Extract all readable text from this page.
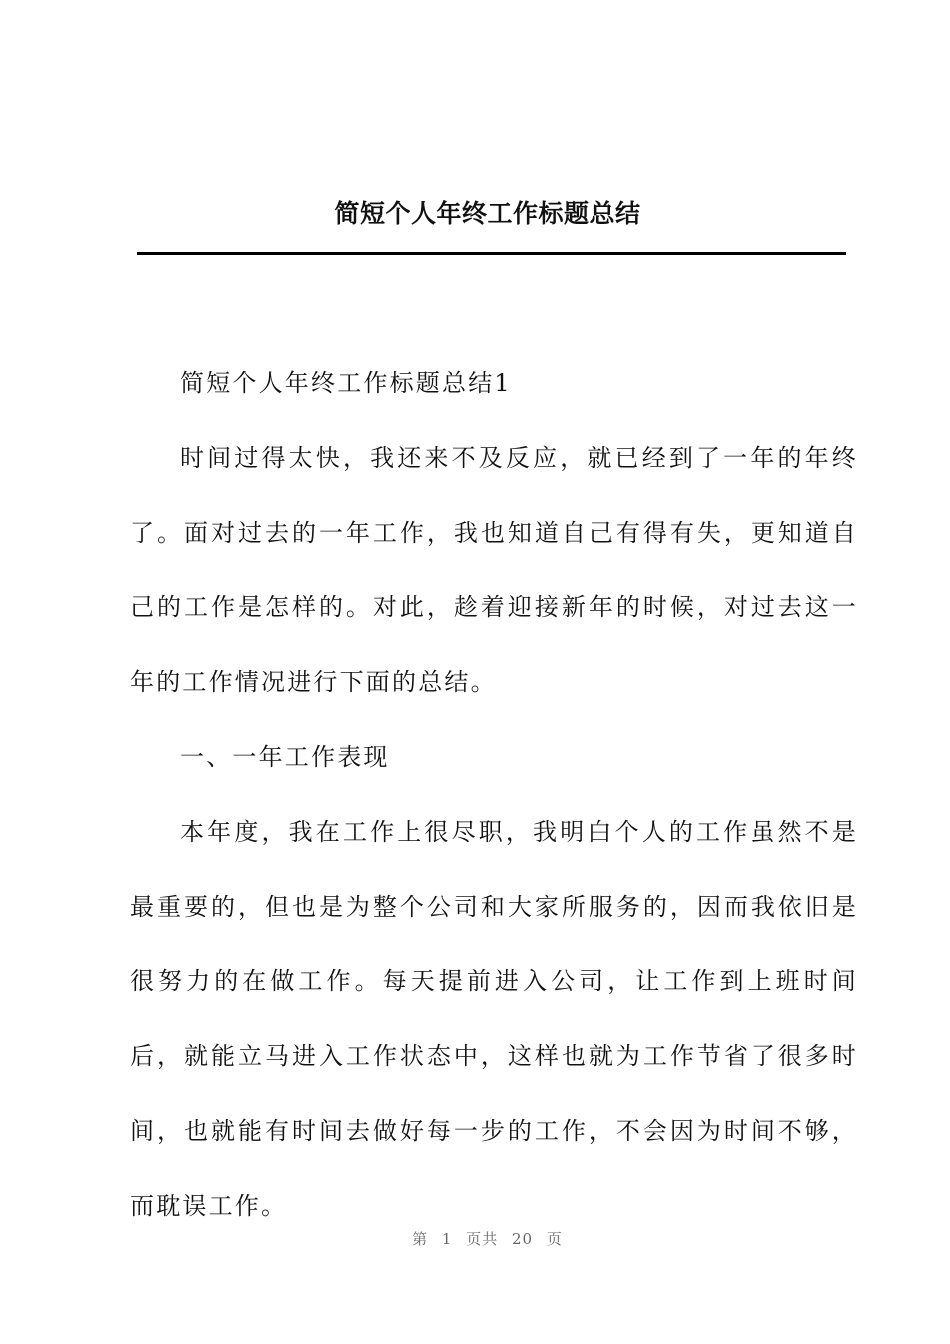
简短个人年终工作标题总结

简短个人年终工作标题总结1

时间过得太快，我还来不及反应，就已经到了一年的年终了。面对过去的一年工作，我也知道自己有得有失，更知道自己的工作是怎样的。对此，趁着迎接新年的时候，对过去这一年的工作情况进行下面的总结。

一、一年工作表现

本年度，我在工作上很尽职，我明白个人的工作虽然不是最重要的，但也是为整个公司和大家所服务的，因而我依旧是很努力的在做工作。每天提前进入公司，让工作到上班时间后，就能立马进入工作状态中，这样也就为工作节省了很多时间，也就能有时间去做好每一步的工作，不会因为时间不够，而耽误工作。

第 1 页共 20 页
